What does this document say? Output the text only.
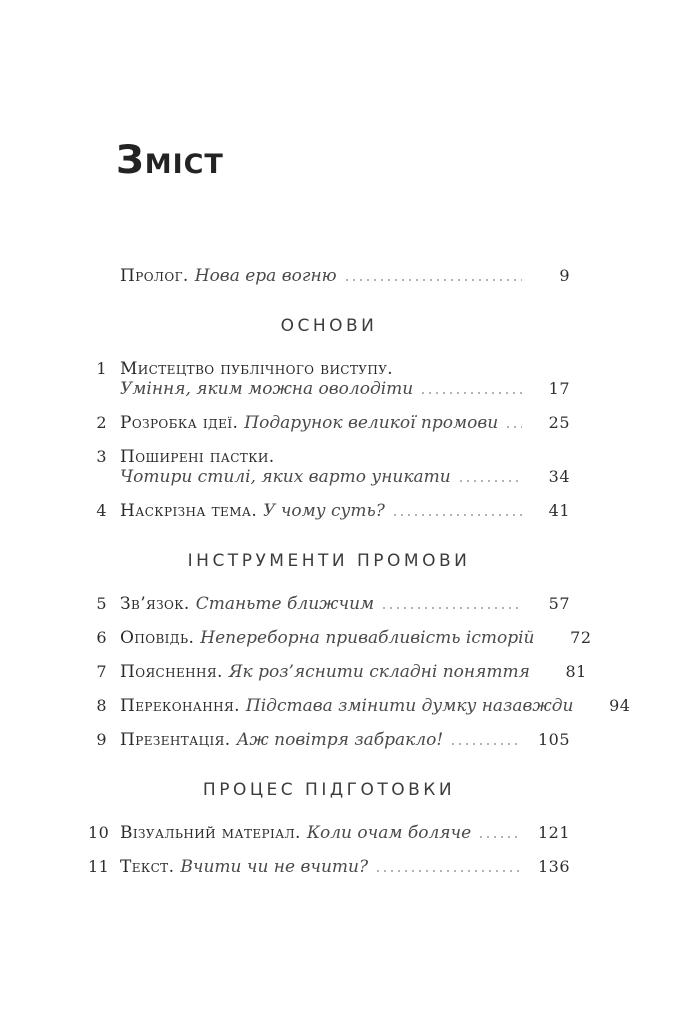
Зміст
Пролог. Нова ера вогню	9
ОСНОВИ
1 Мистецтво публічного виступу.
Уміння, яким можна оволодіти	17
2 Розробка ідеї. Подарунок великої промови	25
3 Поширені пастки.
Чотири стилі, яких варто уникати	34
4 Наскрізна тема. У чому суть?	41
ІНСТРУМЕНТИ ПРОМОВИ
5 Зв’язок. Станьте ближчим	57
6 Оповідь. Непереборна привабливість історій	72
7 Пояснення. Як роз’яснити складні поняття	81
8 Переконання. Підстава змінити думку назавжди	94
9 Презентація. Аж повітря забракло!	105
ПРОЦЕС ПІДГОТОВКИ
10 Візуальний матеріал. Коли очам боляче	121
11 Текст. Вчити чи не вчити?	136
